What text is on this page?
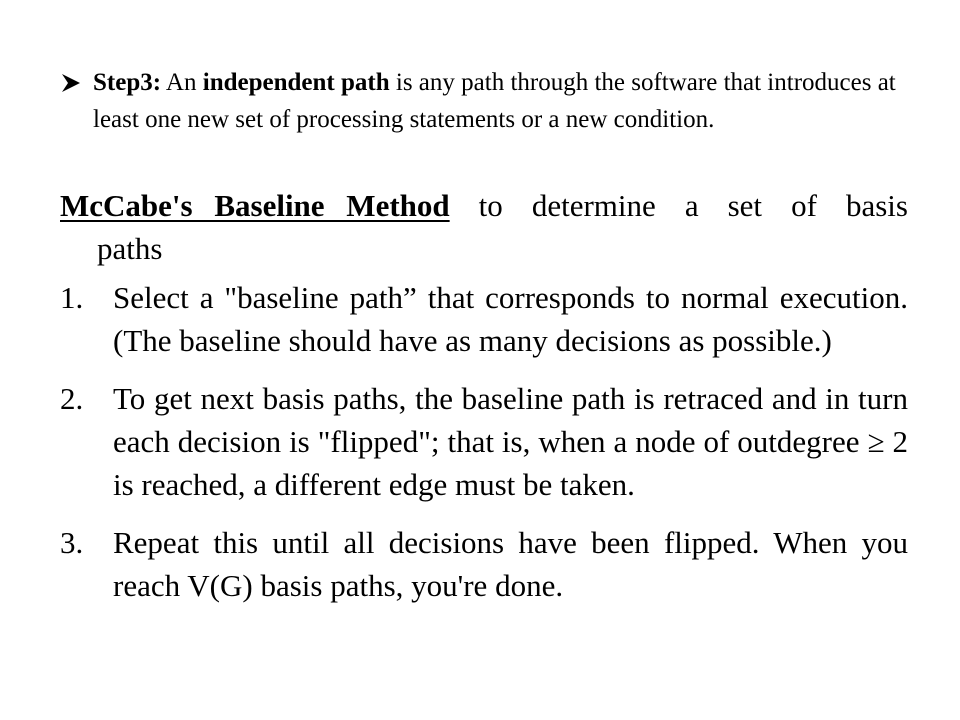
Step3: An independent path is any path through the software that introduces at least one new set of processing statements or a new condition.
McCabe's Baseline Method to determine a set of basis
paths
1. Select a "baseline path” that corresponds to normal execution. (The baseline should have as many decisions as possible.)
2. To get next basis paths, the baseline path is retraced and in turn each decision is "flipped"; that is, when a node of outdegree ≥ 2 is reached, a different edge must be taken.
3. Repeat this until all decisions have been flipped. When you reach V(G) basis paths, you're done.
